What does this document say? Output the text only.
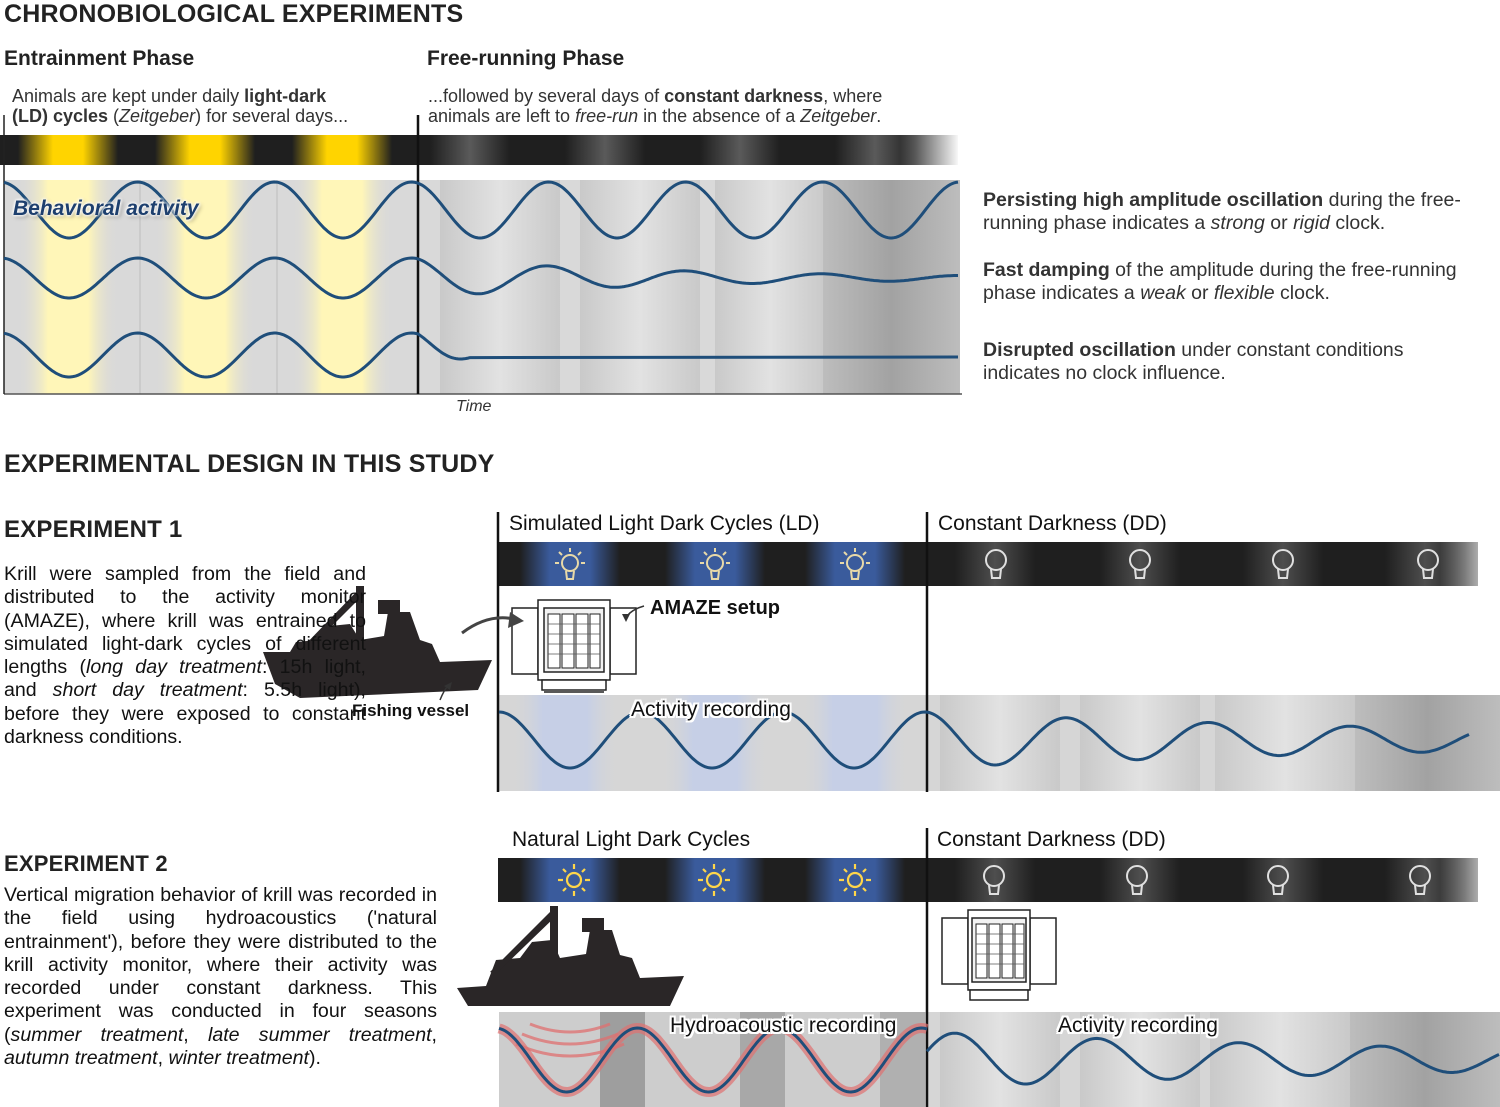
CHRONOBIOLOGICAL EXPERIMENTS
Entrainment Phase	Free-running Phase
Animals are kept under daily light-dark
(LD) cycles (Zeitgeber) for several days...
...followed by several days of constant darkness, where
animals are left to free-run in the absence of a Zeitgeber.
Behavioral activity
Time

Persisting high amplitude oscillation during the free-running phase indicates a strong or rigid clock.

Fast damping of the amplitude during the free-running phase indicates a weak or flexible clock.

Disrupted oscillation under constant conditions indicates no clock influence.

EXPERIMENTAL DESIGN IN THIS STUDY
EXPERIMENT 1
Krill were sampled from the field and distributed to the activity monitor (AMAZE), where krill was entrained to simulated light-dark cycles of different lengths (long day treatment: 15h light, and short day treatment: 5.5h light), before they were exposed to constant darkness conditions.
Simulated Light Dark Cycles (LD)	Constant Darkness (DD)
AMAZE setup
Fishing vessel	Activity recording
EXPERIMENT 2
Vertical migration behavior of krill was recorded in the field using hydroacoustics ('natural entrainment'), before they were distributed to the krill activity monitor, where their activity was recorded under constant darkness. This experiment was conducted in four seasons (summer treatment, late summer treatment, autumn treatment, winter treatment).
Natural Light Dark Cycles	Constant Darkness (DD)
Hydroacoustic recording	Activity recording
